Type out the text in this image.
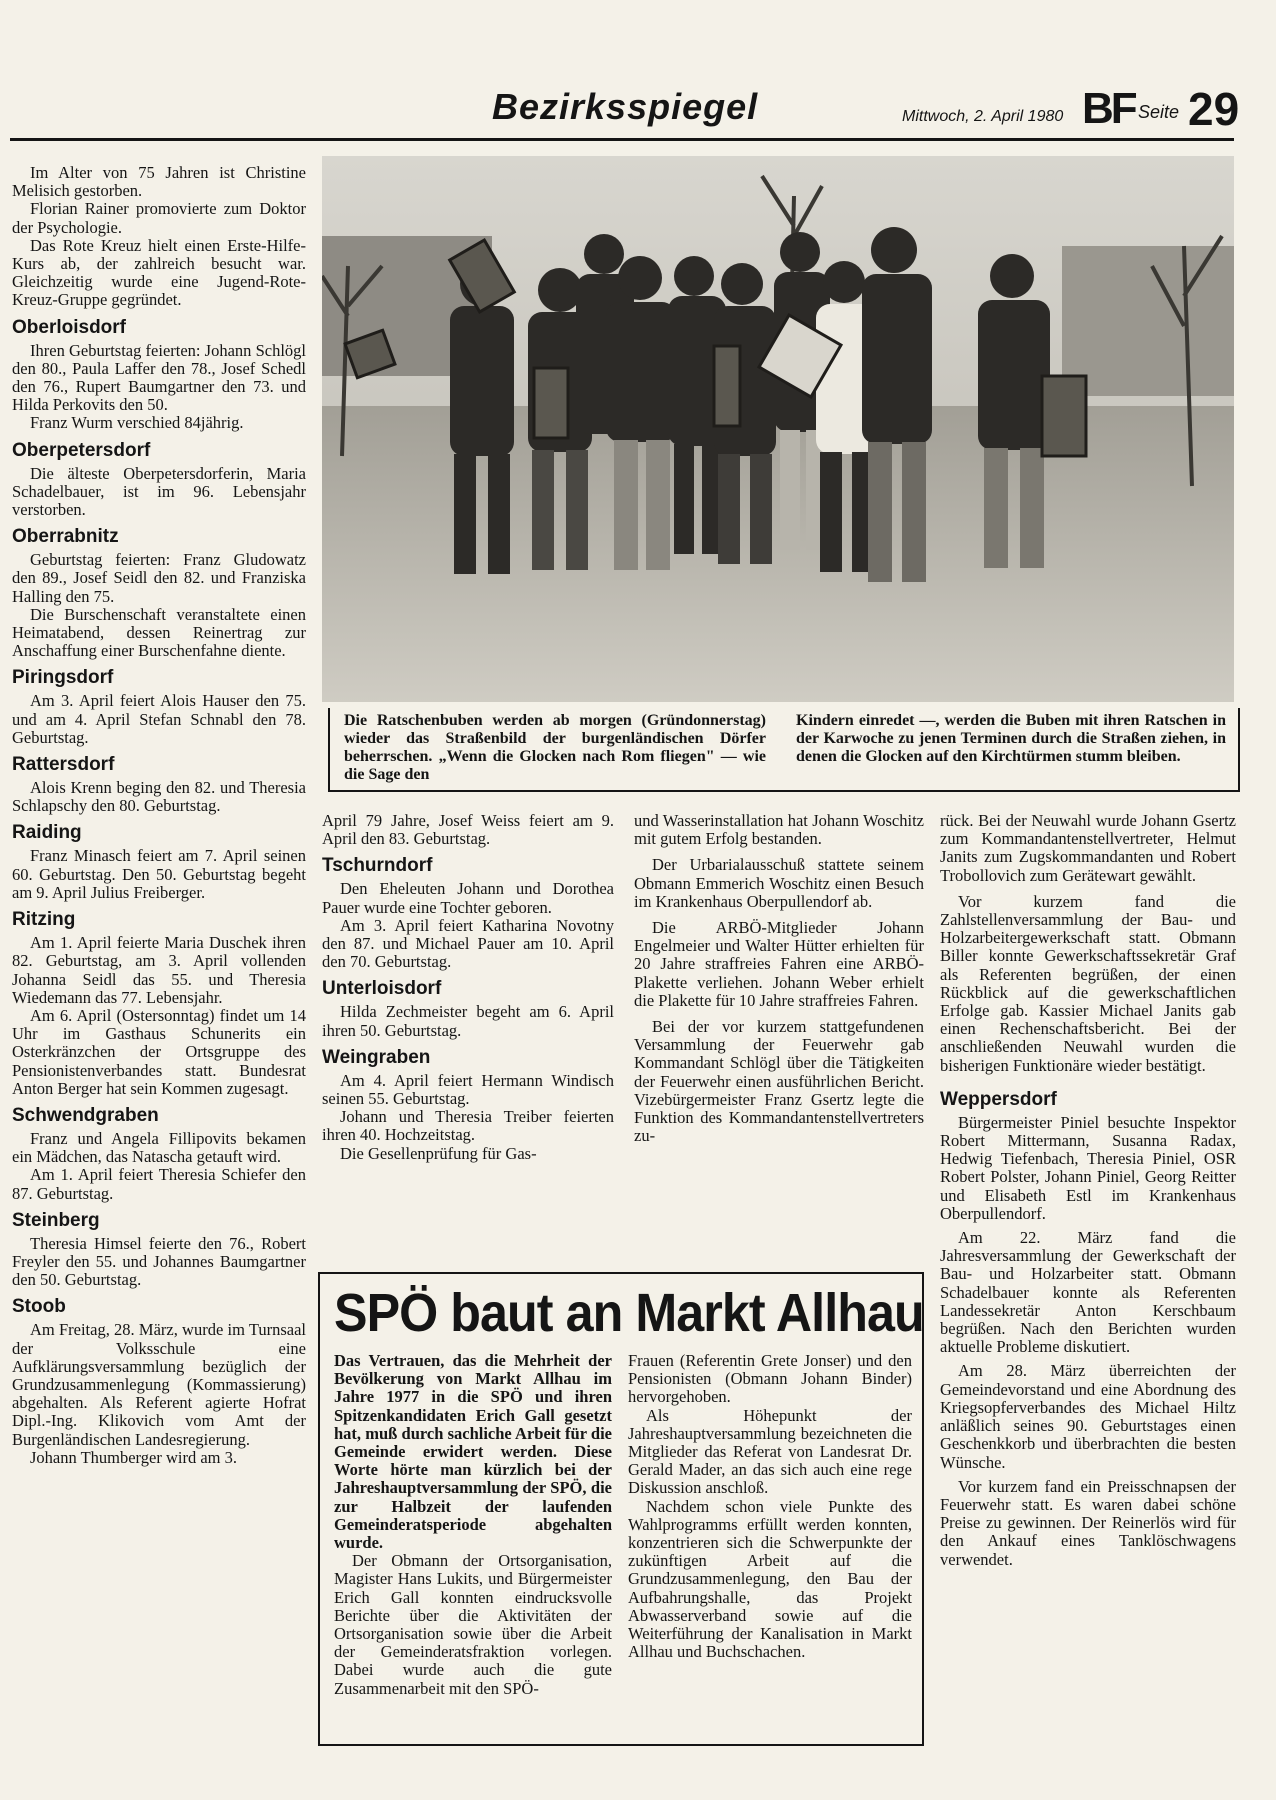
Bezirksspiegel	Mittwoch, 2. April 1980 BF Seite 29

Im Alter von 75 Jahren ist Christine Melisich gestorben.

Florian Rainer promovierte zum Doktor der Psychologie.

Das Rote Kreuz hielt einen Erste-Hilfe-Kurs ab, der zahlreich besucht war. Gleichzeitig wurde eine Jugend-Rote-Kreuz-Gruppe gegründet.

Oberloisdorf

Ihren Geburtstag feierten: Johann Schlögl den 80., Paula Laffer den 78., Josef Schedl den 76., Rupert Baumgartner den 73. und Hilda Perkovits den 50.

Franz Wurm verschied 84jährig.

Oberpetersdorf

Die älteste Oberpetersdorferin, Maria Schadelbauer, ist im 96. Lebensjahr verstorben.

Oberrabnitz

Geburtstag feierten: Franz Gludowatz den 89., Josef Seidl den 82. und Franziska Halling den 75.

Die Burschenschaft veranstaltete einen Heimatabend, dessen Reinertrag zur Anschaffung einer Burschenfahne diente.

Piringsdorf

Am 3. April feiert Alois Hauser den 75. und am 4. April Stefan Schnabl den 78. Geburtstag.

Rattersdorf

Alois Krenn beging den 82. und Theresia Schlapschy den 80. Geburtstag.

Raiding

Franz Minasch feiert am 7. April seinen 60. Geburtstag. Den 50. Geburtstag begeht am 9. April Julius Freiberger.

Ritzing

Am 1. April feierte Maria Duschek ihren 82. Geburtstag, am 3. April vollenden Johanna Seidl das 55. und Theresia Wiedemann das 77. Lebensjahr.

Am 6. April (Ostersonntag) findet um 14 Uhr im Gasthaus Schunerits ein Osterkränzchen der Ortsgruppe des Pensionistenverbandes statt. Bundesrat Anton Berger hat sein Kommen zugesagt.

Schwendgraben

Franz und Angela Fillipovits bekamen ein Mädchen, das Natascha getauft wird.

Am 1. April feiert Theresia Schiefer den 87. Geburtstag.

Steinberg

Theresia Himsel feierte den 76., Robert Freyler den 55. und Johannes Baumgartner den 50. Geburtstag.

Stoob

Am Freitag, 28. März, wurde im Turnsaal der Volksschule eine Aufklärungsversammlung bezüglich der Grundzusammenlegung (Kommassierung) abgehalten. Als Referent agierte Hofrat Dipl.-Ing. Klikovich vom Amt der Burgenländischen Landesregierung.

Johann Thumberger wird am 3.

Die Ratschenbuben werden ab morgen (Gründonnerstag) wieder das Straßenbild der burgenländischen Dörfer beherrschen. „Wenn die Glocken nach Rom fliegen" — wie die Sage den
Kindern einredet —, werden die Buben mit ihren Ratschen in der Karwoche zu jenen Terminen durch die Straßen ziehen, in denen die Glocken auf den Kirchtürmen stumm bleiben.

April 79 Jahre, Josef Weiss feiert am 9. April den 83. Geburtstag.

Tschurndorf

Den Eheleuten Johann und Dorothea Pauer wurde eine Tochter geboren.

Am 3. April feiert Katharina Novotny den 87. und Michael Pauer am 10. April den 70. Geburtstag.

Unterloisdorf

Hilda Zechmeister begeht am 6. April ihren 50. Geburtstag.

Weingraben

Am 4. April feiert Hermann Windisch seinen 55. Geburtstag.

Johann und Theresia Treiber feierten ihren 40. Hochzeitstag.

Die Gesellenprüfung für Gas-

und Wasserinstallation hat Johann Woschitz mit gutem Erfolg bestanden.

Der Urbarialausschuß stattete seinem Obmann Emmerich Woschitz einen Besuch im Krankenhaus Oberpullendorf ab.

Die ARBÖ-Mitglieder Johann Engelmeier und Walter Hütter erhielten für 20 Jahre straffreies Fahren eine ARBÖ-Plakette verliehen. Johann Weber erhielt die Plakette für 10 Jahre straffreies Fahren.

Bei der vor kurzem stattgefundenen Versammlung der Feuerwehr gab Kommandant Schlögl über die Tätigkeiten der Feuerwehr einen ausführlichen Bericht. Vizebürgermeister Franz Gsertz legte die Funktion des Kommandantenstellvertreters zu-

rück. Bei der Neuwahl wurde Johann Gsertz zum Kommandantenstellvertreter, Helmut Janits zum Zugskommandanten und Robert Trobollovich zum Gerätewart gewählt.

Vor kurzem fand die Zahlstellenversammlung der Bau- und Holzarbeitergewerkschaft statt. Obmann Biller konnte Gewerkschaftssekretär Graf als Referenten begrüßen, der einen Rückblick auf die gewerkschaftlichen Erfolge gab. Kassier Michael Janits gab einen Rechenschaftsbericht. Bei der anschließenden Neuwahl wurden die bisherigen Funktionäre wieder bestätigt.

Weppersdorf

Bürgermeister Piniel besuchte Inspektor Robert Mittermann, Susanna Radax, Hedwig Tiefenbach, Theresia Piniel, OSR Robert Polster, Johann Piniel, Georg Reitter und Elisabeth Estl im Krankenhaus Oberpullendorf.

Am 22. März fand die Jahresversammlung der Gewerkschaft der Bau- und Holzarbeiter statt. Obmann Schadelbauer konnte als Referenten Landessekretär Anton Kerschbaum begrüßen. Nach den Berichten wurden aktuelle Probleme diskutiert.

Am 28. März überreichten der Gemeindevorstand und eine Abordnung des Kriegsopferverbandes des Michael Hiltz anläßlich seines 90. Geburtstages einen Geschenkkorb und überbrachten die besten Wünsche.

Vor kurzem fand ein Preisschnapsen der Feuerwehr statt. Es waren dabei schöne Preise zu gewinnen. Der Reinerlös wird für den Ankauf eines Tanklöschwagens verwendet.

SPÖ baut an Markt Allhau

Das Vertrauen, das die Mehrheit der Bevölkerung von Markt Allhau im Jahre 1977 in die SPÖ und ihren Spitzenkandidaten Erich Gall gesetzt hat, muß durch sachliche Arbeit für die Gemeinde erwidert werden. Diese Worte hörte man kürzlich bei der Jahreshauptversammlung der SPÖ, die zur Halbzeit der laufenden Gemeinderatsperiode abgehalten wurde.

Der Obmann der Ortsorganisation, Magister Hans Lukits, und Bürgermeister Erich Gall konnten eindrucksvolle Berichte über die Aktivitäten der Ortsorganisation sowie über die Arbeit der Gemeinderatsfraktion vorlegen. Dabei wurde auch die gute Zusammenarbeit mit den SPÖ-

Frauen (Referentin Grete Jonser) und den Pensionisten (Obmann Johann Binder) hervorgehoben.

Als Höhepunkt der Jahreshauptversammlung bezeichneten die Mitglieder das Referat von Landesrat Dr. Gerald Mader, an das sich auch eine rege Diskussion anschloß.

Nachdem schon viele Punkte des Wahlprogramms erfüllt werden konnten, konzentrieren sich die Schwerpunkte der zukünftigen Arbeit auf die Grundzusammenlegung, den Bau der Aufbahrungshalle, das Projekt Abwasserverband sowie auf die Weiterführung der Kanalisation in Markt Allhau und Buchschachen.
